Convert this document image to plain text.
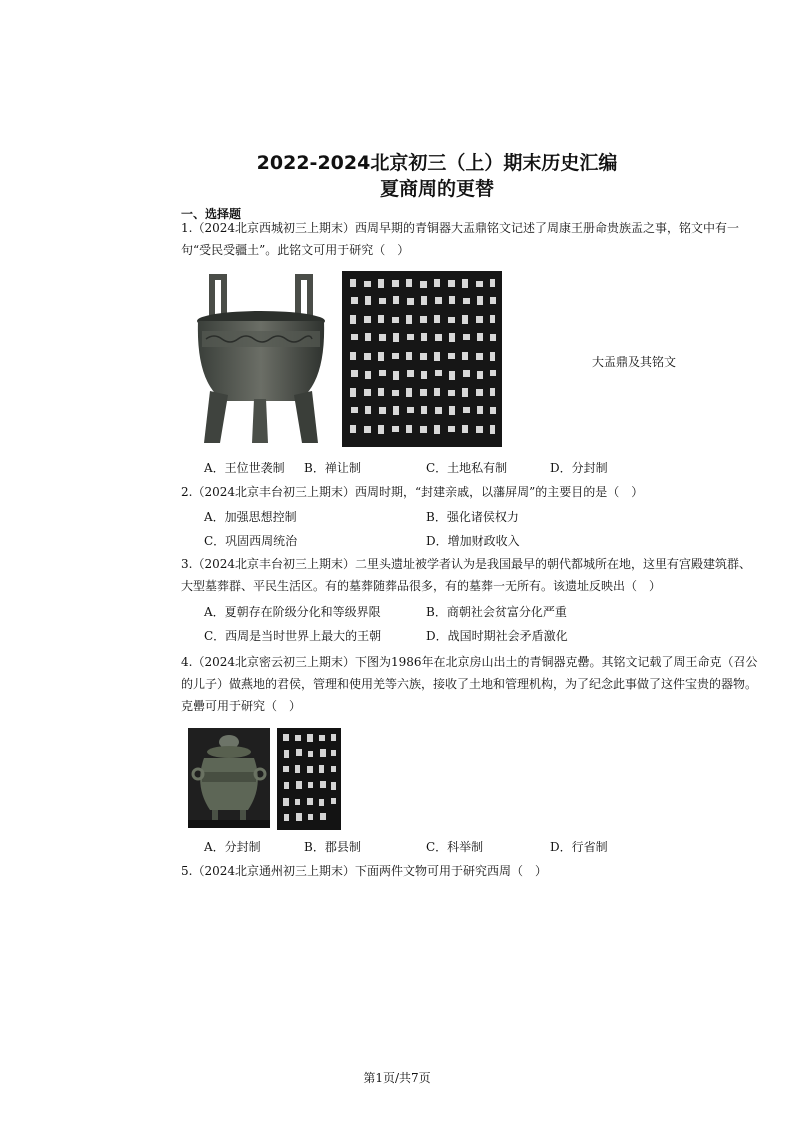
2022-2024北京初三（上）期末历史汇编
夏商周的更替
一、选择题
1.（2024北京西城初三上期末）西周早期的青铜器大盂鼎铭文记述了周康王册命贵族盂之事，铭文中有一句“受民受疆土”。此铭文可用于研究（　）
大盂鼎及其铭文
A．王位世袭制 B．禅让制	C．土地私有制	D．分封制
2.（2024北京丰台初三上期末）西周时期，“封建亲戚，以藩屏周”的主要目的是（　）
A．加强思想控制	B．强化诸侯权力
C．巩固西周统治	D．增加财政收入
3.（2024北京丰台初三上期末）二里头遗址被学者认为是我国最早的朝代都城所在地，这里有宫殿建筑群、大型墓葬群、平民生活区。有的墓葬随葬品很多，有的墓葬一无所有。该遗址反映出（　）
A．夏朝存在阶级分化和等级界限	B．商朝社会贫富分化严重
C．西周是当时世界上最大的王朝	D．战国时期社会矛盾激化
4.（2024北京密云初三上期末）下图为1986年在北京房山出土的青铜器克罍。其铭文记载了周王命克（召公的儿子）做燕地的君侯，管理和使用羌等六族，接收了土地和管理机构，为了纪念此事做了这件宝贵的器物。克罍可用于研究（　）
A．分封制	B．郡县制	C．科举制	D．行省制
5.（2024北京通州初三上期末）下面两件文物可用于研究西周（　）
第1页/共7页
